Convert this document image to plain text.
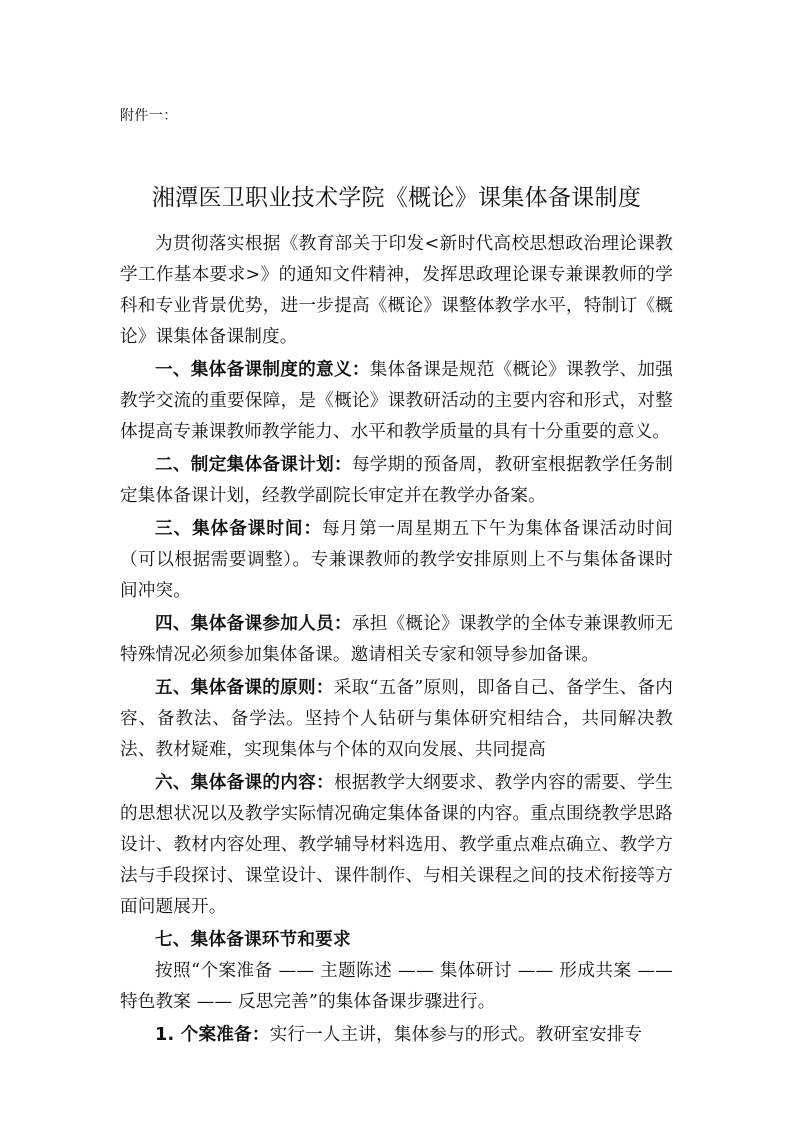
附件一：
湘潭医卫职业技术学院《概论》课集体备课制度

为贯彻落实根据《教育部关于印发<新时代高校思想政治理论课教学工作基本要求>》的通知文件精神，发挥思政理论课专兼课教师的学科和专业背景优势，进一步提高《概论》课整体教学水平，特制订《概论》课集体备课制度。

一、集体备课制度的意义：集体备课是规范《概论》课教学、加强教学交流的重要保障，是《概论》课教研活动的主要内容和形式，对整体提高专兼课教师教学能力、水平和教学质量的具有十分重要的意义。

二、制定集体备课计划：每学期的预备周，教研室根据教学任务制定集体备课计划，经教学副院长审定并在教学办备案。

三、集体备课时间：每月第一周星期五下午为集体备课活动时间（可以根据需要调整）。专兼课教师的教学安排原则上不与集体备课时间冲突。

四、集体备课参加人员：承担《概论》课教学的全体专兼课教师无特殊情况必须参加集体备课。邀请相关专家和领导参加备课。

五、集体备课的原则：采取“五备”原则，即备自己、备学生、备内容、备教法、备学法。坚持个人钻研与集体研究相结合，共同解决教法、教材疑难，实现集体与个体的双向发展、共同提高

六、集体备课的内容：根据教学大纲要求、教学内容的需要、学生的思想状况以及教学实际情况确定集体备课的内容。重点围绕教学思路设计、教材内容处理、教学辅导材料选用、教学重点难点确立、教学方法与手段探讨、课堂设计、课件制作、与相关课程之间的技术衔接等方面问题展开。

七、集体备课环节和要求

按照“个案准备 —— 主题陈述 —— 集体研讨 —— 形成共案 —— 特色教案 —— 反思完善”的集体备课步骤进行。

1. 个案准备：实行一人主讲，集体参与的形式。教研室安排专
